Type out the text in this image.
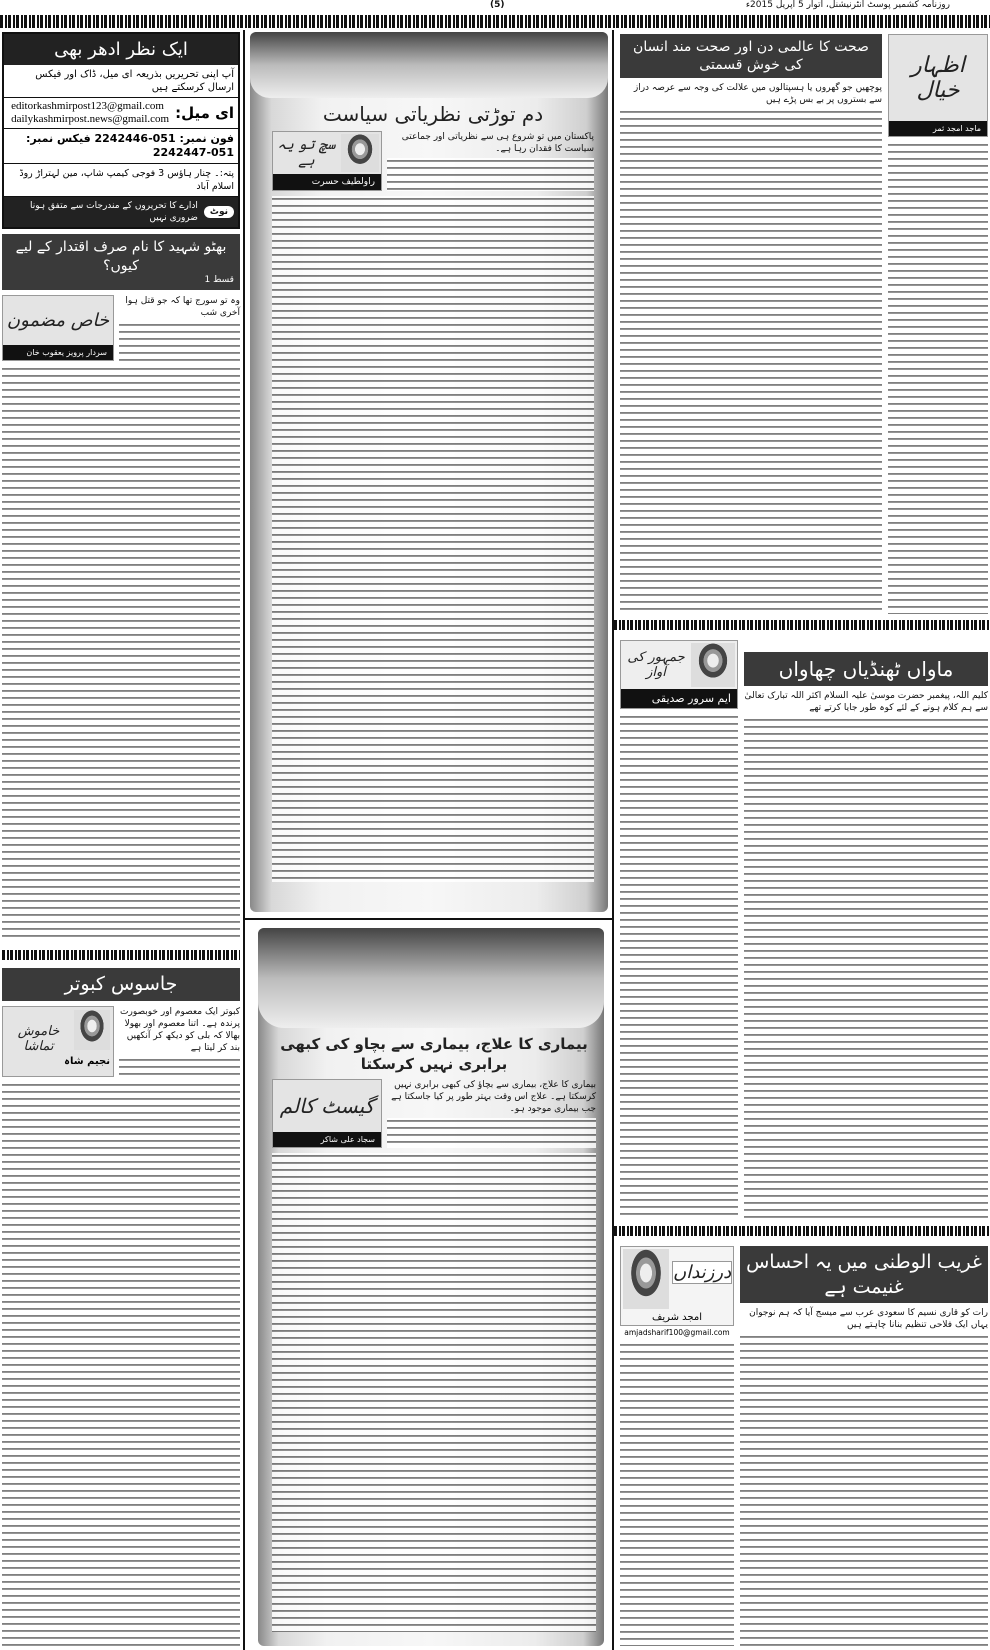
روزنامہ کشمیر پوسٹ انٹرنیشنل، اتوار 5 اپریل 2015ء
(5)
ایک نظر ادھر بھی
آپ اپنی تحریریں بذریعہ ای میل، ڈاک اور فیکس ارسال کرسکتے ہیں
ای میل:
editorkashmirpost123@gmail.com
dailykashmirpost.news@gmail.com
فون نمبر: 051-2242446 فیکس نمبر: 051-2242447
پتہ:۔ چنار ہاؤس 3 فوجی کیمپ شاپ، مین لہتراڑ روڈ اسلام آباد
نوٹ
ادارے کا تحریروں کے مندرجات سے متفق ہونا ضروری نہیں
بھٹو شہید کا نام صرف اقتدار کے لیے کیوں؟
قسط 1
خاص مضمون
سردار پرویز یعقوب خان
وہ تو سورج تھا کہ جو قتل ہوا آخری شب
جاسوس کبوتر
خاموش تماشا
نجیم شاہ
کبوتر ایک معصوم اور خوبصورت پرندہ ہے۔ اتنا معصوم اور بھولا بھالا کہ بلی کو دیکھ کر آنکھیں بند کر لیتا ہے
دم توڑتی نظریاتی سیاست
سچ تو یہ ہے
راولطیف حسرت
پاکستان میں تو شروع ہی سے نظریاتی اور جماعتی سیاست کا فقدان رہا ہے۔
بیماری کا علاج، بیماری سے بچاو کی کبھی برابری نہیں کرسکتا
گیسٹ کالم
سجاد علی شاکر
بیماری کا علاج، بیماری سے بچاؤ کی کبھی برابری نہیں کرسکتا ہے۔ علاج اس وقت بہتر طور پر کیا جاسکتا ہے جب بیماری موجود ہو۔
صحت کا عالمی دن اور صحت مند انسان کی خوش قسمتی
پوچھیں جو گھروں یا ہسپتالوں میں علالت کی وجہ سے عرصہ دراز سے بستروں پر بے بس پڑے ہیں
اظہار خیال
ماجد امجد ثمر
جمہور کی آواز
ایم سرور صدیقی
ماواں ٹھنڈیاں چھاواں
کلیم اللہ، پیغمبر حضرت موسیٰ علیہ السلام اکثر اللہ تبارک تعالیٰ سے ہم کلام ہونے کے لئے کوہ طور جایا کرتے تھے
درزنداں
امجد شریف
amjadsharif100@gmail.com
غریب الوطنی میں یہ احساس غنیمت ہے
رات کو قاری نسیم کا سعودی عرب سے میسج آیا کہ ہم نوجوان یہاں ایک فلاحی تنظیم بنانا چاہتے ہیں
